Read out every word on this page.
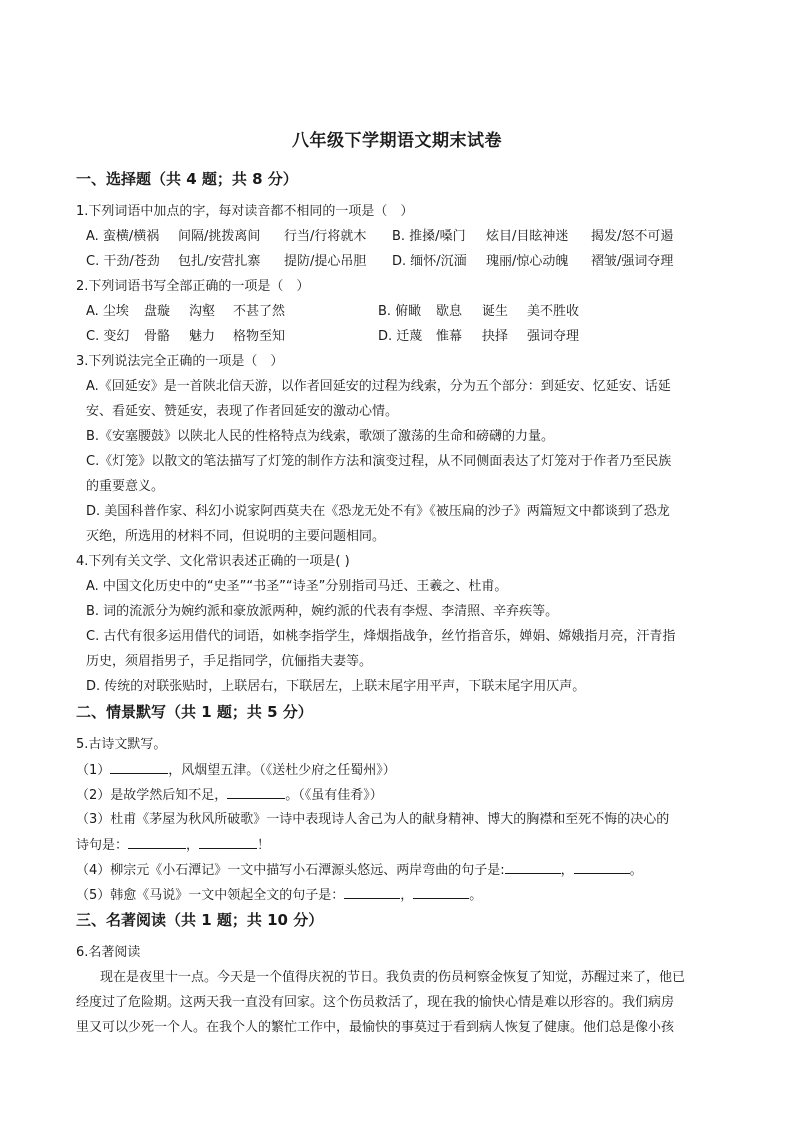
八年级下学期语文期末试卷
一、选择题（共 4 题；共 8 分）
1.下列词语中加点的字，每对读音都不相同的一项是（　）
A. 蛮横/横祸 间隔/挑拨离间 行当/行将就木 B. 推搡/嗓门 炫目/目眩神迷 揭发/怒不可遏
C. 干劲/苍劲 包扎/安营扎寨 提防/提心吊胆 D. 缅怀/沉湎 瑰丽/惊心动魄 褶皱/强词夺理
2.下列词语书写全部正确的一项是（　）
A. 尘埃 盘璇 沟壑 不甚了然	B. 俯瞰 歇息 诞生 美不胜收
C. 变幻 骨骼 魅力 格物至知	D. 迁蔑 惟幕 抉择 强词夺理
3.下列说法完全正确的一项是（　）
A.《回延安》是一首陕北信天游，以作者回延安的过程为线索，分为五个部分：到延安、忆延安、话延
安、看延安、赞延安，表现了作者回延安的激动心情。
B.《安塞腰鼓》以陕北人民的性格特点为线索，歌颂了激荡的生命和磅礴的力量。
C.《灯笼》以散文的笔法描写了灯笼的制作方法和演变过程，从不同侧面表达了灯笼对于作者乃至民族
的重要意义。
D. 美国科普作家、科幻小说家阿西莫夫在《恐龙无处不有》《被压扁的沙子》两篇短文中都谈到了恐龙
灭绝，所选用的材料不同，但说明的主要问题相同。
4.下列有关文学、文化常识表述正确的一项是( )
A. 中国文化历史中的“史圣”“书圣”“诗圣”分别指司马迁、王羲之、杜甫。
B. 词的流派分为婉约派和豪放派两种，婉约派的代表有李煜、李清照、辛弃疾等。
C. 古代有很多运用借代的词语，如桃李指学生，烽烟指战争，丝竹指音乐，婵娟、嫦娥指月亮，汗青指
历史，须眉指男子，手足指同学，伉俪指夫妻等。
D. 传统的对联张贴时，上联居右，下联居左，上联末尾字用平声，下联末尾字用仄声。
二、情景默写（共 1 题；共 5 分）
5.古诗文默写。
（1）	，风烟望五津。（《送杜少府之任蜀州》）
（2）是故学然后知不足，	。（《虽有佳肴》）
（3）杜甫《茅屋为秋风所破歌》一诗中表现诗人舍己为人的献身精神、博大的胸襟和至死不悔的决心的
诗句是：	，	！
（4）柳宗元《小石潭记》一文中描写小石潭源头悠远、两岸弯曲的句子是:	，	。
（5）韩愈《马说》一文中领起全文的句子是：	，	。
三、名著阅读（共 1 题；共 10 分）
6.名著阅读
现在是夜里十一点。今天是一个值得庆祝的节日。我负责的伤员柯察金恢复了知觉，苏醒过来了，他已
经度过了危险期。这两天我一直没有回家。这个伤员救活了，现在我的愉快心情是难以形容的。我们病房
里又可以少死一个人。在我个人的繁忙工作中，最愉快的事莫过于看到病人恢复了健康。他们总是像小孩
